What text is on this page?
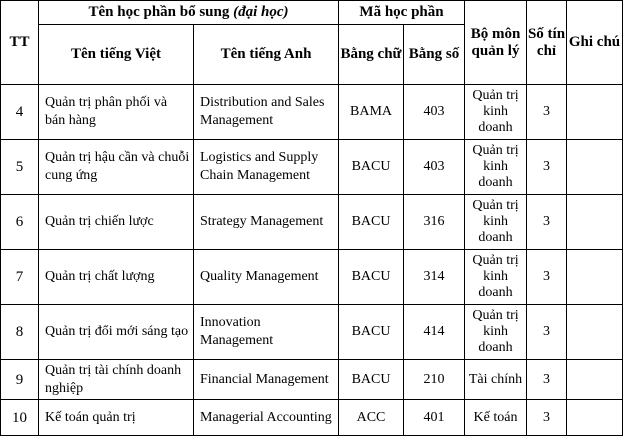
TT	Tên học phần bổ sung (đại học)		Mã học phần		Bộ môn quản lý	Số tín chỉ	Ghi chú
	Tên tiếng Việt	Tên tiếng Anh	Bằng chữ	Bằng số			
4	Quản trị phân phối và bán hàng	Distribution and Sales Management	BAMA	403	Quản trị kinh doanh	3	
5	Quản trị hậu cần và chuỗi cung ứng	Logistics and Supply Chain Management	BACU	403	Quản trị kinh doanh	3	
6	Quản trị chiến lược	Strategy Management	BACU	316	Quản trị kinh doanh	3	
7	Quản trị chất lượng	Quality Management	BACU	314	Quản trị kinh doanh	3	
8	Quản trị đổi mới sáng tạo	Innovation Management	BACU	414	Quản trị kinh doanh	3	
9	Quản trị tài chính doanh nghiệp	Financial Management	BACU	210	Tài chính	3	
10	Kế toán quản trị	Managerial Accounting	ACC	401	Kế toán	3	
